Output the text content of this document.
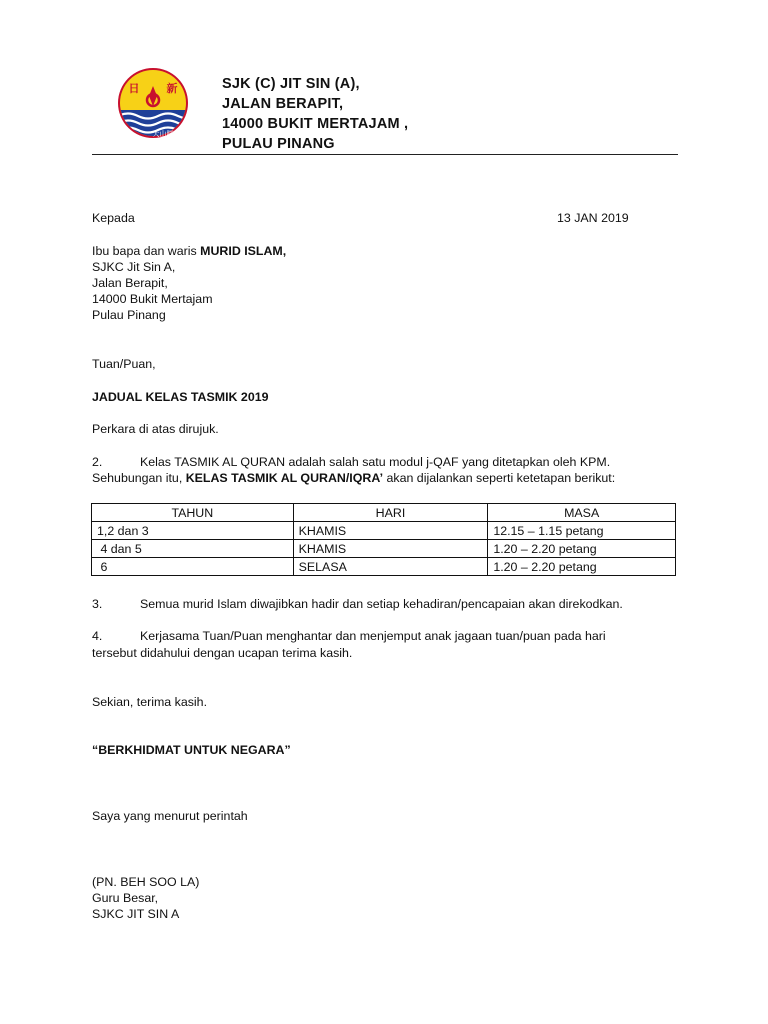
日 新
大山脚
SJK (C) JIT SIN (A),
JALAN BERAPIT,
14000 BUKIT MERTAJAM ,
PULAU PINANG
Kepada	13 JAN 2019
Ibu bapa dan waris MURID ISLAM,
SJKC Jit Sin A,
Jalan Berapit,
14000 Bukit Mertajam
Pulau Pinang
Tuan/Puan,
JADUAL KELAS TASMIK 2019
Perkara di atas dirujuk.
2.	Kelas TASMIK AL QURAN adalah salah satu modul j-QAF yang ditetapkan oleh KPM.
Sehubungan itu, KELAS TASMIK AL QURAN/IQRA’ akan dijalankan seperti ketetapan berikut:
TAHUN	HARI	MASA
1,2 dan 3	KHAMIS	12.15 – 1.15 petang
4 dan 5	KHAMIS	1.20 – 2.20 petang
6	SELASA	1.20 – 2.20 petang
3.	Semua murid Islam diwajibkan hadir dan setiap kehadiran/pencapaian akan direkodkan.
4.	Kerjasama Tuan/Puan menghantar dan menjemput anak jagaan tuan/puan pada hari
tersebut didahului dengan ucapan terima kasih.
Sekian, terima kasih.
“BERKHIDMAT UNTUK NEGARA”
Saya yang menurut perintah
(PN. BEH SOO LA)
Guru Besar,
SJKC JIT SIN A
